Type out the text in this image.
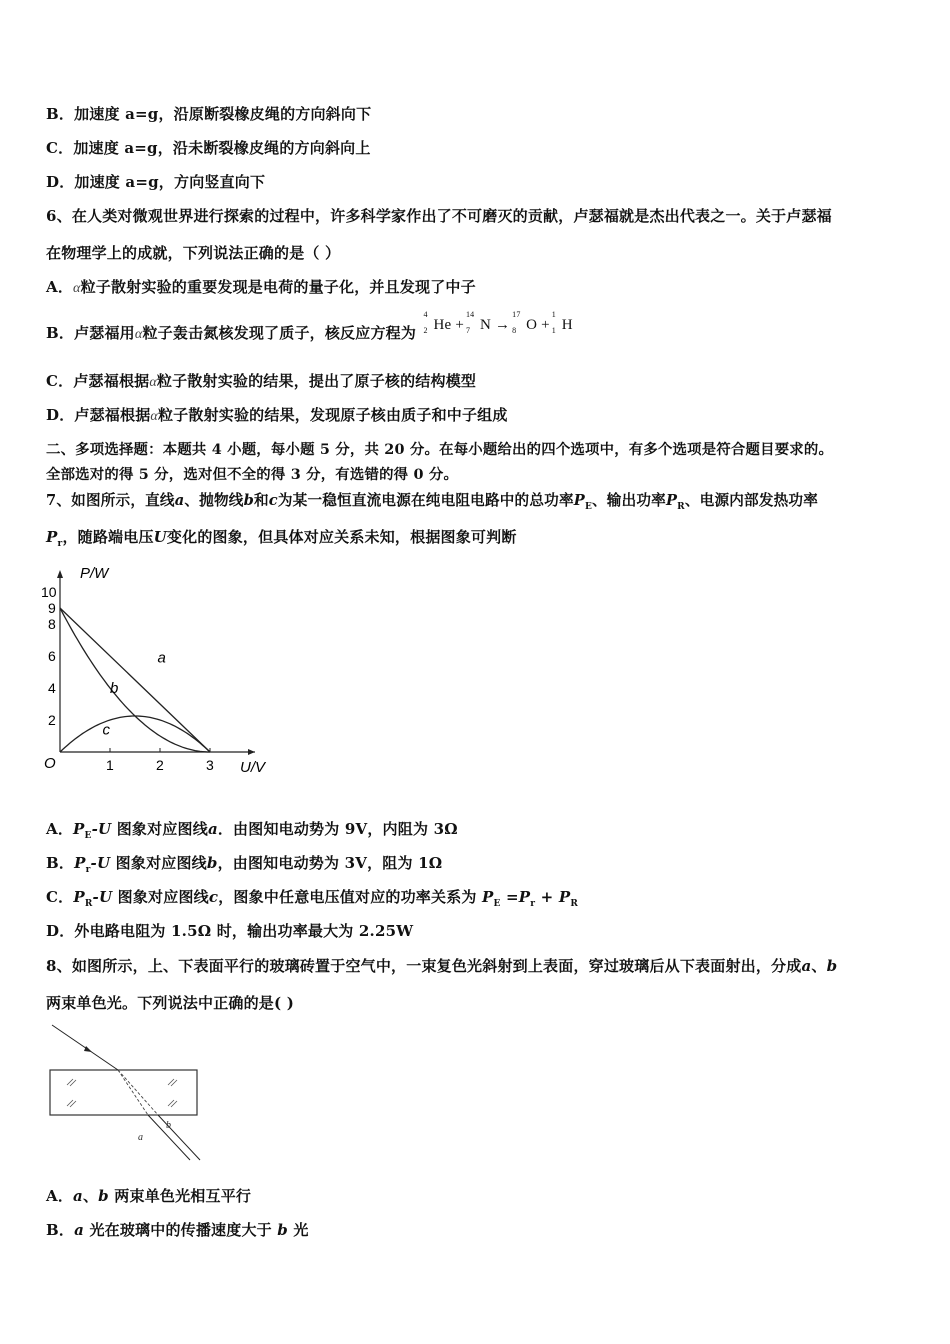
B．加速度 a=g，沿原断裂橡皮绳的方向斜向下
C．加速度 a=g，沿未断裂橡皮绳的方向斜向上
D．加速度 a=g，方向竖直向下
6、在人类对微观世界进行探索的过程中，许多科学家作出了不可磨灭的贡献，卢瑟福就是杰出代表之一。关于卢瑟福
在物理学上的成就，下列说法正确的是（ ）
A．α粒子散射实验的重要发现是电荷的量子化，并且发现了中子
B．卢瑟福用α粒子轰击氮核发现了质子，核反应方程为
4
2 He +
14
7 N →
17
8 O +
1
1 H
C．卢瑟福根据α粒子散射实验的结果，提出了原子核的结构模型
D．卢瑟福根据α粒子散射实验的结果，发现原子核由质子和中子组成
二、多项选择题：本题共 4 小题，每小题 5 分，共 20 分。在每小题给出的四个选项中，有多个选项是符合题目要求的。
全部选对的得 5 分，选对但不全的得 3 分，有选错的得 0 分。
7、如图所示，直线a、抛物线b和c为某一稳恒直流电源在纯电阻电路中的总功率$P_E$、输出功率$P_R$、电源内部发热功率
$P_r$，随路端电压U变化的图象，但具体对应关系未知，根据图象可判断
U/V
P/W
O	1	2	3
2
4
6
8
9
10
a
b
c
A．$P_E-U$ 图象对应图线a．由图知电动势为 9V，内阻为 3Ω
B．$P_r-U$ 图象对应图线b，由图知电动势为 3V，阻为 1Ω
C．$P_R-U$ 图象对应图线c，图象中任意电压值对应的功率关系为 $P_E =P_r + P_R$
D．外电路电阻为 1.5Ω 时，输出功率最大为 2.25W
8、如图所示，上、下表面平行的玻璃砖置于空气中，一束复色光斜射到上表面，穿过玻璃后从下表面射出，分成a、b
两束单色光。下列说法中正确的是( )
a
b
A．a、b 两束单色光相互平行
B．a 光在玻璃中的传播速度大于 b 光
